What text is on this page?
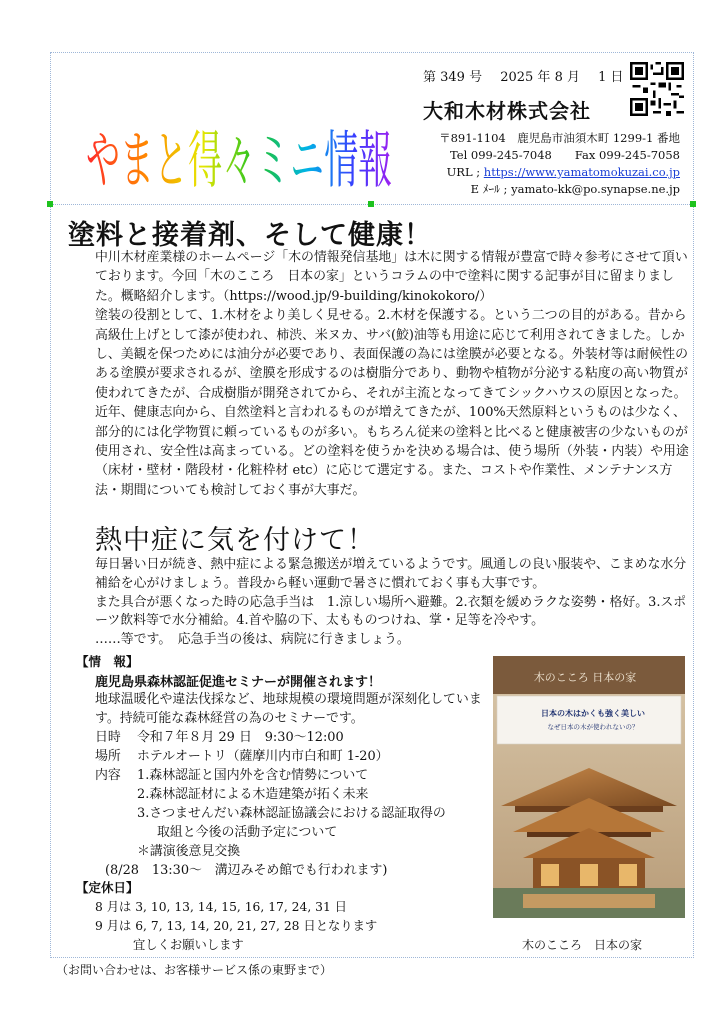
やまと得々ミニ情報
第 349 号 2025 年 8 月 1 日
大和木材株式会社
〒891-1104　鹿児島市油須木町 1299-1 番地
Tel 099-245-7048　　 Fax 099-245-7058
URL ; https://www.yamatomokuzai.co.jp
E ﾒｰﾙ ; yamato-kk@po.synapse.ne.jp
塗料と接着剤、そして健康！

中川木材産業様のホームページ「木の情報発信基地」は木に関する情報が豊富で時々参考にさせて頂いております。今回「木のこころ　日本の家」というコラムの中で塗料に関する記事が目に留まりました。概略紹介します。（https://wood.jp/9-building/kinokokoro/）

塗装の役割として、1.木材をより美しく見せる。2.木材を保護する。という二つの目的がある。昔から高級仕上げとして漆が使われ、柿渋、米ヌカ、サバ(鮫)油等も用途に応じて利用されてきました。しかし、美観を保つためには油分が必要であり、表面保護の為には塗膜が必要となる。外装材等は耐候性のある塗膜が要求されるが、塗膜を形成するのは樹脂分であり、動物や植物が分泌する粘度の高い物質が使われてきたが、合成樹脂が開発されてから、それが主流となってきてシックハウスの原因となった。近年、健康志向から、自然塗料と言われるものが増えてきたが、100%天然原料というものは少なく、部分的には化学物質に頼っているものが多い。もちろん従来の塗料と比べると健康被害の少ないものが使用され、安全性は高まっている。どの塗料を使うかを決める場合は、使う場所（外装・内装）や用途（床材・壁材・階段材・化粧枠材 etc）に応じて選定する。また、コストや作業性、メンテナンス方法・期間についても検討しておく事が大事だ。

熱中症に気を付けて！

毎日暑い日が続き、熱中症による緊急搬送が増えているようです。風通しの良い服装や、こまめな水分補給を心がけましょう。普段から軽い運動で暑さに慣れておく事も大事です。

また具合が悪くなった時の応急手当は　1.涼しい場所へ避難。2.衣類を緩めラクな姿勢・格好。3.スポーツ飲料等で水分補給。4.首や脇の下、太もものつけね、掌・足等を冷やす。

……等です。　応急手当の後は、病院に行きましょう。

【情　報】
鹿児島県森林認証促進セミナーが開催されます！

地球温暖化や違法伐採など、地球規模の環境問題が深刻化しています。持続可能な森林経営の為のセミナーです。

日時	令和７年８月 29 日　9:30～12:00
場所	ホテルオートリ（薩摩川内市白和町 1-20）
内容	1.森林認証と国内外を含む情勢について

2.森林認証材による木造建築が拓く未来

3.さつませんだい森林認証協議会における認証取得の

取組と今後の活動予定について

＊講演後意見交換

(8/28　13:30～　溝辺みそめ館でも行われます)

【定休日】

8 月は 3, 10, 13, 14, 15, 16, 17, 24, 31 日

9 月は 6, 7, 13, 14, 20, 21, 27, 28 日となります

宜しくお願いします

木のこころ 日本の家
日本の木はかくも強く美しい
なぜ日本の木が使われないの？
木のこころ　日本の家
（お問い合わせは、お客様サービス係の東野まで）
